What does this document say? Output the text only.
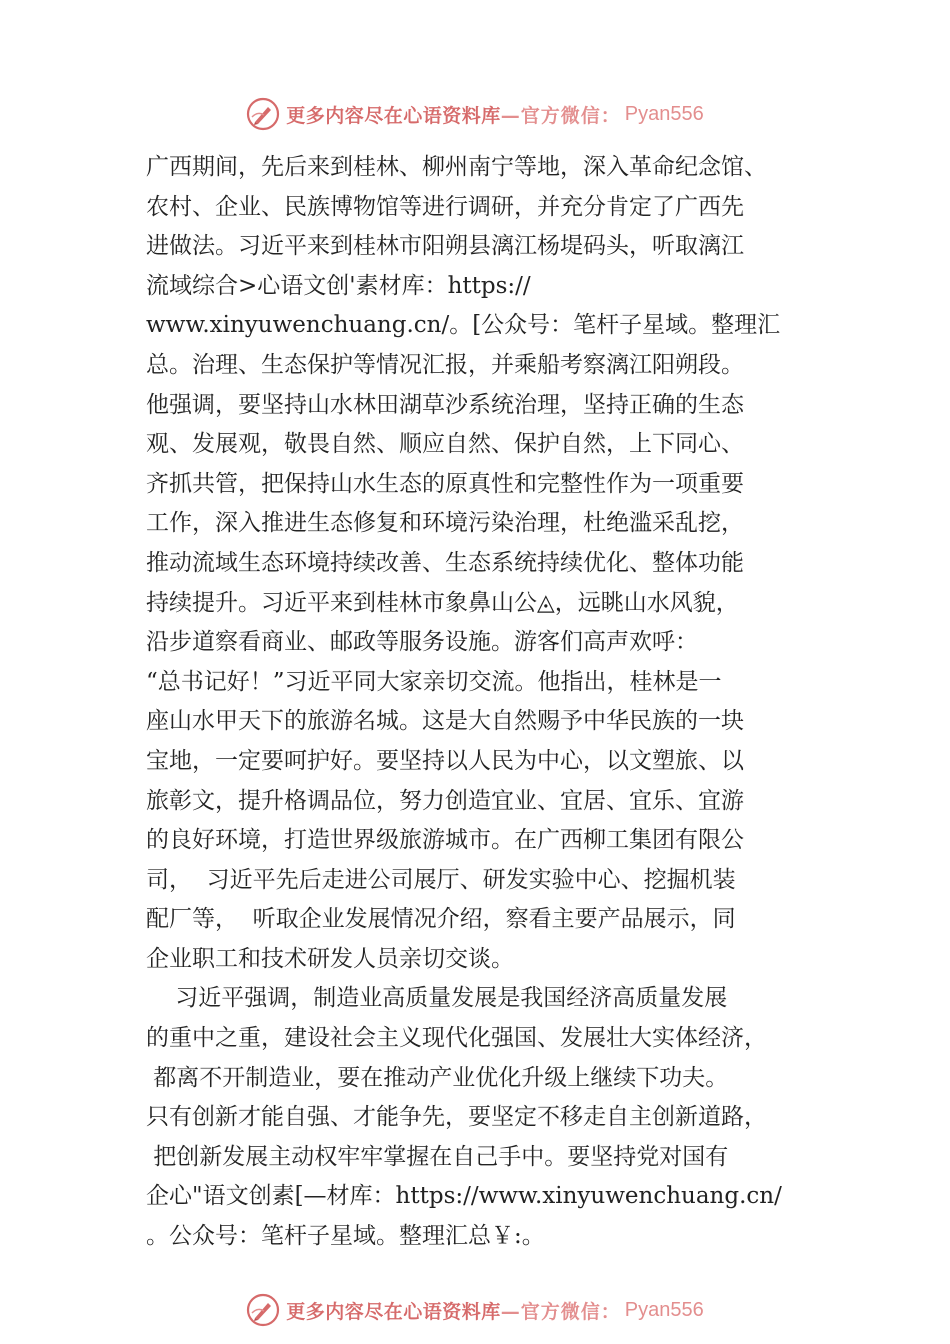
更多内容尽在心语资料库 —官方微信： Pyan556
广西期间，先后来到桂林、柳州南宁等地，深入革命纪念馆、
农村、企业、民族博物馆等进行调研，并充分肯定了广西先
进做法。习近平来到桂林市阳朔县漓江杨堤码头，听取漓江
流域综合>心语文创'素材库：https://
www.xinyuwenchuang.cn/。[公众号：笔杆子星域。整理汇
总。治理、生态保护等情况汇报，并乘船考察漓江阳朔段。
他强调，要坚持山水林田湖草沙系统治理，坚持正确的生态
观、发展观，敬畏自然、顺应自然、保护自然，上下同心、
齐抓共管，把保持山水生态的原真性和完整性作为一项重要
工作，深入推进生态修复和环境污染治理，杜绝滥采乱挖，
推动流域生态环境持续改善、生态系统持续优化、整体功能
持续提升。习近平来到桂林市象鼻山公◬，远眺山水风貌，
沿步道察看商业、邮政等服务设施。游客们高声欢呼：
“总书记好！”习近平同大家亲切交流。他指出，桂林是一
座山水甲天下的旅游名城。这是大自然赐予中华民族的一块
宝地，一定要呵护好。要坚持以人民为中心，以文塑旅、以
旅彰文，提升格调品位，努力创造宜业、宜居、宜乐、宜游
的良好环境，打造世界级旅游城市。在广西柳工集团有限公
司，  习近平先后走进公司展厅、研发实验中心、挖掘机装
配厂等，  听取企业发展情况介绍，察看主要产品展示，同
企业职工和技术研发人员亲切交谈。
习近平强调，制造业高质量发展是我国经济高质量发展
的重中之重，建设社会主义现代化强国、发展壮大实体经济，
都离不开制造业，要在推动产业优化升级上继续下功夫。
只有创新才能自强、才能争先，要坚定不移走自主创新道路，
把创新发展主动权牢牢掌握在自己手中。要坚持党对国有
企心"语文创素[—材库：https://www.xinyuwenchuang.cn/
。公众号：笔杆子星域。整理汇总￥:。
更多内容尽在心语资料库 —官方微信： Pyan556
